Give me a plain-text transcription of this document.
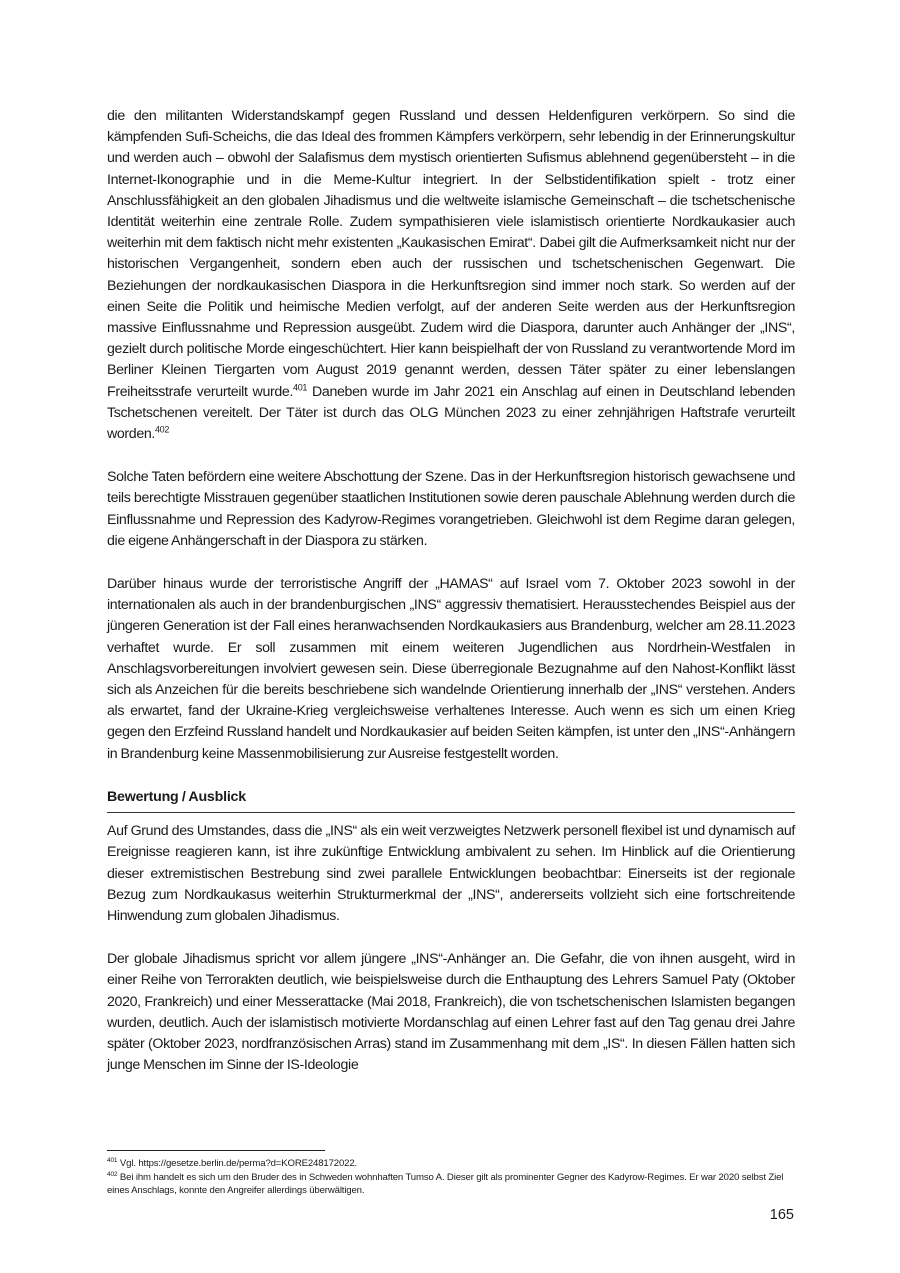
die den militanten Widerstandskampf gegen Russland und dessen Heldenfiguren verkörpern. So sind die kämpfenden Sufi-Scheichs, die das Ideal des frommen Kämpfers verkörpern, sehr lebendig in der Erinnerungskultur und werden auch – obwohl der Salafismus dem mystisch orientierten Sufismus ablehnend gegenübersteht – in die Internet-Ikonographie und in die Meme-Kultur integriert. In der Selbstidentifikation spielt - trotz einer Anschlussfähigkeit an den globalen Jihadismus und die weltweite islamische Gemeinschaft – die tschetschenische Identität weiterhin eine zentrale Rolle. Zudem sympathisieren viele islamistisch orientierte Nordkaukasier auch weiterhin mit dem faktisch nicht mehr existenten „Kaukasischen Emirat“. Dabei gilt die Aufmerksamkeit nicht nur der historischen Vergangenheit, sondern eben auch der russischen und tschetschenischen Gegenwart. Die Beziehungen der nordkaukasischen Diaspora in die Herkunftsregion sind immer noch stark. So werden auf der einen Seite die Politik und heimische Medien verfolgt, auf der anderen Seite werden aus der Herkunftsregion massive Einflussnahme und Repression ausgeübt. Zudem wird die Diaspora, darunter auch Anhänger der „INS“, gezielt durch politische Morde eingeschüchtert. Hier kann beispielhaft der von Russland zu verantwortende Mord im Berliner Kleinen Tiergarten vom August 2019 genannt werden, dessen Täter später zu einer lebenslangen Freiheitsstrafe verurteilt wurde.$^{401}$ Daneben wurde im Jahr 2021 ein Anschlag auf einen in Deutschland lebenden Tschetschenen vereitelt. Der Täter ist durch das OLG München 2023 zu einer zehnjährigen Haftstrafe verurteilt worden.$^{402}$

Solche Taten befördern eine weitere Abschottung der Szene. Das in der Herkunftsregion historisch gewachsene und teils berechtigte Misstrauen gegenüber staatlichen Institutionen sowie deren pauschale Ablehnung werden durch die Einflussnahme und Repression des Kadyrow-Regimes vorangetrieben. Gleichwohl ist dem Regime daran gelegen, die eigene Anhängerschaft in der Diaspora zu stärken.

Darüber hinaus wurde der terroristische Angriff der „HAMAS“ auf Israel vom 7. Oktober 2023 sowohl in der internationalen als auch in der brandenburgischen „INS“ aggressiv thematisiert. Herausstechendes Beispiel aus der jüngeren Generation ist der Fall eines heranwachsenden Nordkaukasiers aus Brandenburg, welcher am 28.11.2023 verhaftet wurde. Er soll zusammen mit einem weiteren Jugendlichen aus Nordrhein-Westfalen in Anschlagsvorbereitungen involviert gewesen sein. Diese überregionale Bezugnahme auf den Nahost-Konflikt lässt sich als Anzeichen für die bereits beschriebene sich wandelnde Orientierung innerhalb der „INS“ verstehen. Anders als erwartet, fand der Ukraine-Krieg vergleichsweise verhaltenes Interesse. Auch wenn es sich um einen Krieg gegen den Erzfeind Russland handelt und Nordkaukasier auf beiden Seiten kämpfen, ist unter den „INS“-Anhängern in Brandenburg keine Massenmobilisierung zur Ausreise festgestellt worden.

Bewertung / Ausblick

Auf Grund des Umstandes, dass die „INS“ als ein weit verzweigtes Netzwerk personell flexibel ist und dynamisch auf Ereignisse reagieren kann, ist ihre zukünftige Entwicklung ambivalent zu sehen. Im Hinblick auf die Orientierung dieser extremistischen Bestrebung sind zwei parallele Entwicklungen beobachtbar: Einerseits ist der regionale Bezug zum Nordkaukasus weiterhin Strukturmerkmal der „INS“, andererseits vollzieht sich eine fortschreitende Hinwendung zum globalen Jihadismus.

Der globale Jihadismus spricht vor allem jüngere „INS“-Anhänger an. Die Gefahr, die von ihnen ausgeht, wird in einer Reihe von Terrorakten deutlich, wie beispielsweise durch die Enthauptung des Lehrers Samuel Paty (Oktober 2020, Frankreich) und einer Messerattacke (Mai 2018, Frankreich), die von tschetschenischen Islamisten begangen wurden, deutlich. Auch der islamistisch motivierte Mordanschlag auf einen Lehrer fast auf den Tag genau drei Jahre später (Oktober 2023, nordfranzösischen Arras) stand im Zusammenhang mit dem „IS“. In diesen Fällen hatten sich junge Menschen im Sinne der IS-Ideologie

$^{401}$ Vgl. https://gesetze.berlin.de/perma?d=KORE248172022.
$^{402}$ Bei ihm handelt es sich um den Bruder des in Schweden wohnhaften Tumso A. Dieser gilt als prominenter Gegner des Kadyrow-Regimes. Er war 2020 selbst Ziel eines Anschlags, konnte den Angreifer allerdings überwältigen.
165
